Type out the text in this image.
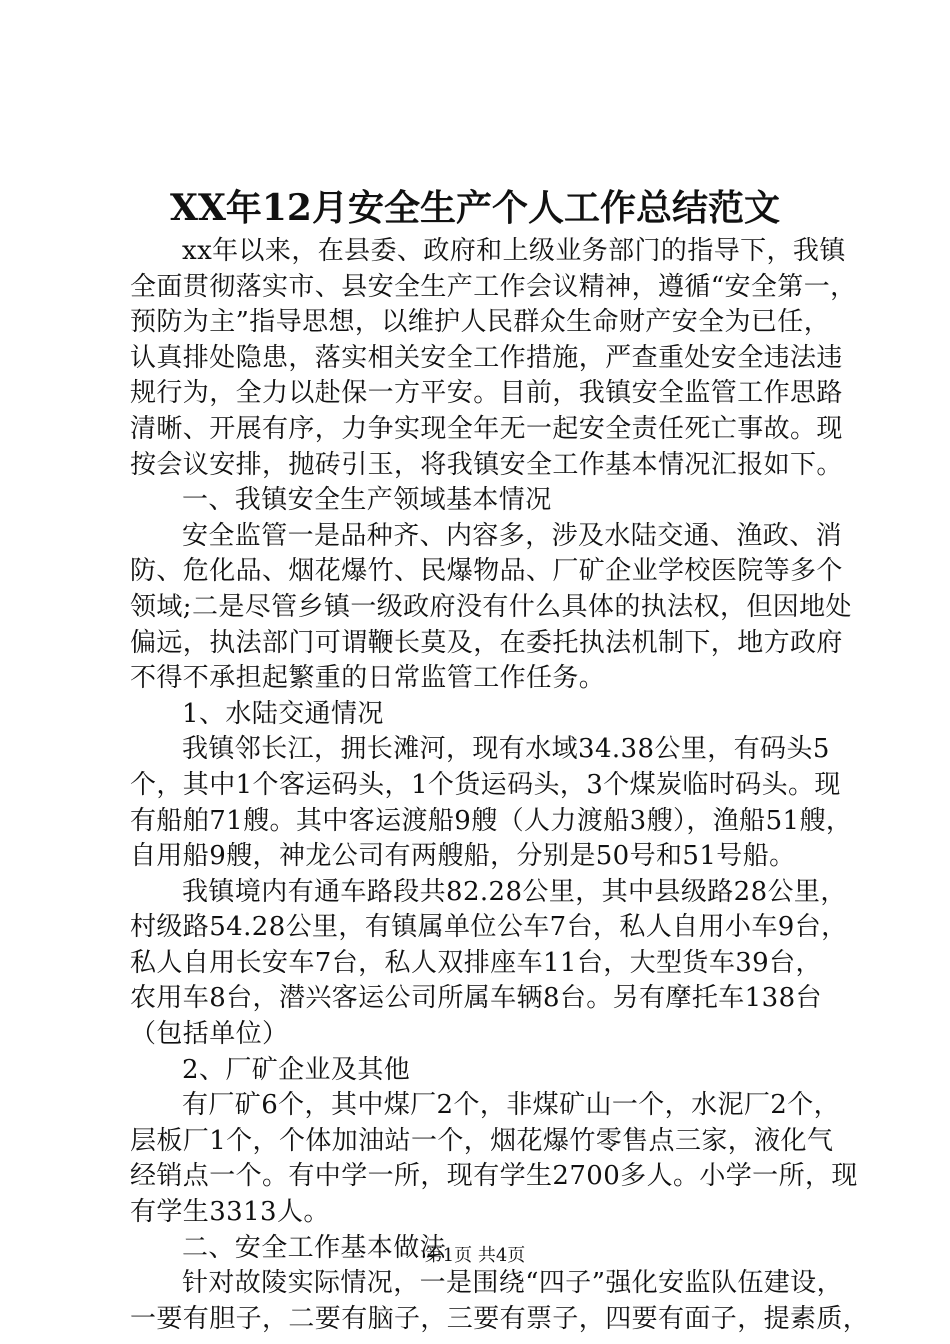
XX年12月安全生产个人工作总结范文
xx年以来，在县委、政府和上级业务部门的指导下，我镇
全面贯彻落实市、县安全生产工作会议精神，遵循“安全第一，
预防为主”指导思想，以维护人民群众生命财产安全为已任，
认真排处隐患，落实相关安全工作措施，严查重处安全违法违
规行为，全力以赴保一方平安。目前，我镇安全监管工作思路
清晰、开展有序，力争实现全年无一起安全责任死亡事故。现
按会议安排，抛砖引玉，将我镇安全工作基本情况汇报如下。
一、我镇安全生产领域基本情况
安全监管一是品种齐、内容多，涉及水陆交通、渔政、消
防、危化品、烟花爆竹、民爆物品、厂矿企业学校医院等多个
领域;二是尽管乡镇一级政府没有什么具体的执法权，但因地处
偏远，执法部门可谓鞭长莫及，在委托执法机制下，地方政府
不得不承担起繁重的日常监管工作任务。
1、水陆交通情况
我镇邻长江，拥长滩河，现有水域34.38公里，有码头5
个，其中1个客运码头，1个货运码头，3个煤炭临时码头。现
有船舶71艘。其中客运渡船9艘（人力渡船3艘），渔船51艘，
自用船9艘，神龙公司有两艘船，分别是50号和51号船。
我镇境内有通车路段共82.28公里，其中县级路28公里，
村级路54.28公里，有镇属单位公车7台，私人自用小车9台，
私人自用长安车7台，私人双排座车11台，大型货车39台，
农用车8台，潜兴客运公司所属车辆8台。另有摩托车138台
（包括单位）
2、厂矿企业及其他
有厂矿6个，其中煤厂2个，非煤矿山一个，水泥厂2个，
层板厂1个，个体加油站一个，烟花爆竹零售点三家，液化气
经销点一个。有中学一所，现有学生2700多人。小学一所，现
有学生3313人。
二、安全工作基本做法
针对故陵实际情况，一是围绕“四子”强化安监队伍建设，
一要有胆子，二要有脑子，三要有票子，四要有面子，提素质，
第1页 共4页
